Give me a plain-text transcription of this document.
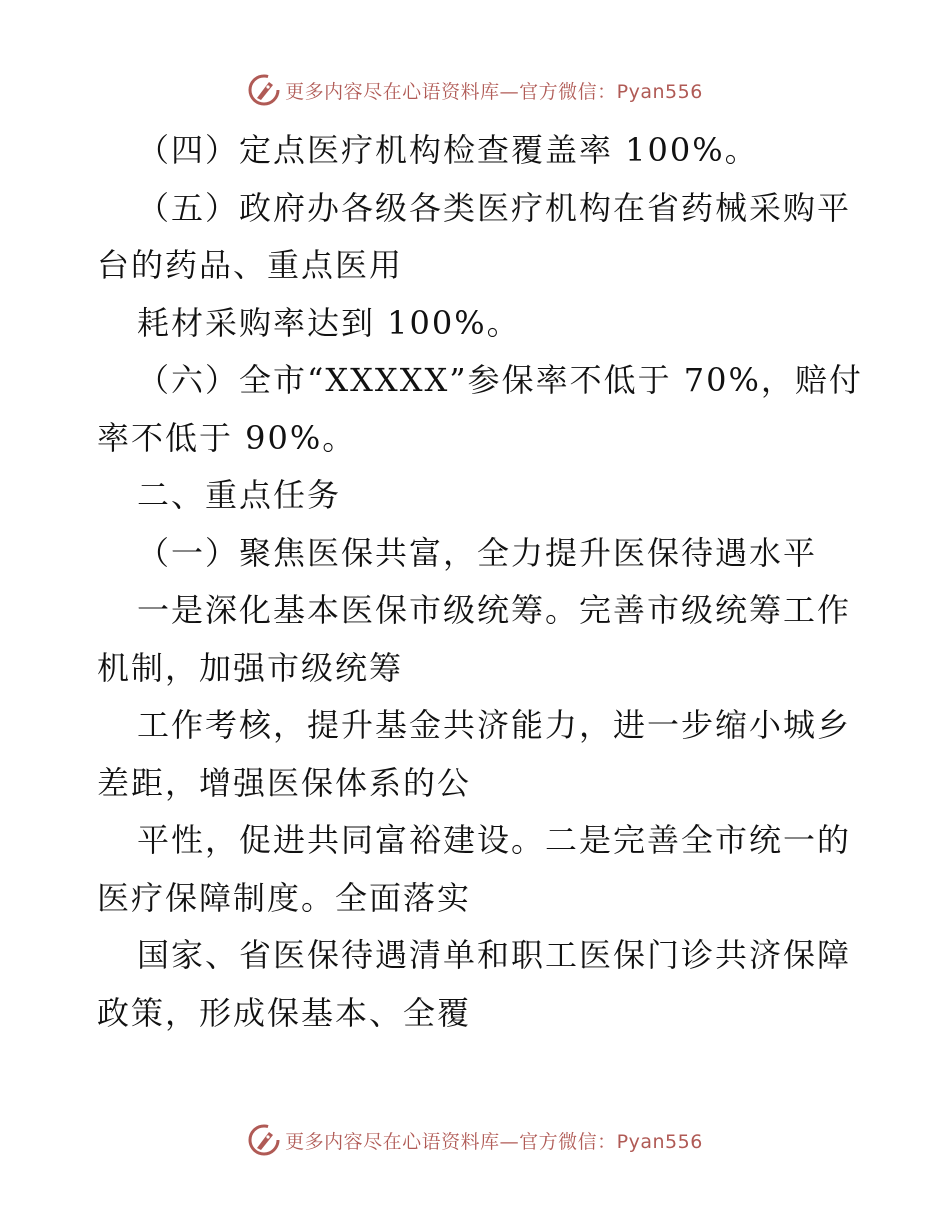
更多内容尽在心语资料库—官方微信：Pyan556
（四）定点医疗机构检查覆盖率 100%。
（五）政府办各级各类医疗机构在省药械采购平
台的药品、重点医用
耗材采购率达到 100%。
（六）全市“XXXXX”参保率不低于 70%，赔付
率不低于 90%。
二、重点任务
（一）聚焦医保共富，全力提升医保待遇水平
一是深化基本医保市级统筹。完善市级统筹工作
机制，加强市级统筹
工作考核，提升基金共济能力，进一步缩小城乡
差距，增强医保体系的公
平性，促进共同富裕建设。二是完善全市统一的
医疗保障制度。全面落实
国家、省医保待遇清单和职工医保门诊共济保障
政策，形成保基本、全覆
更多内容尽在心语资料库—官方微信：Pyan556
